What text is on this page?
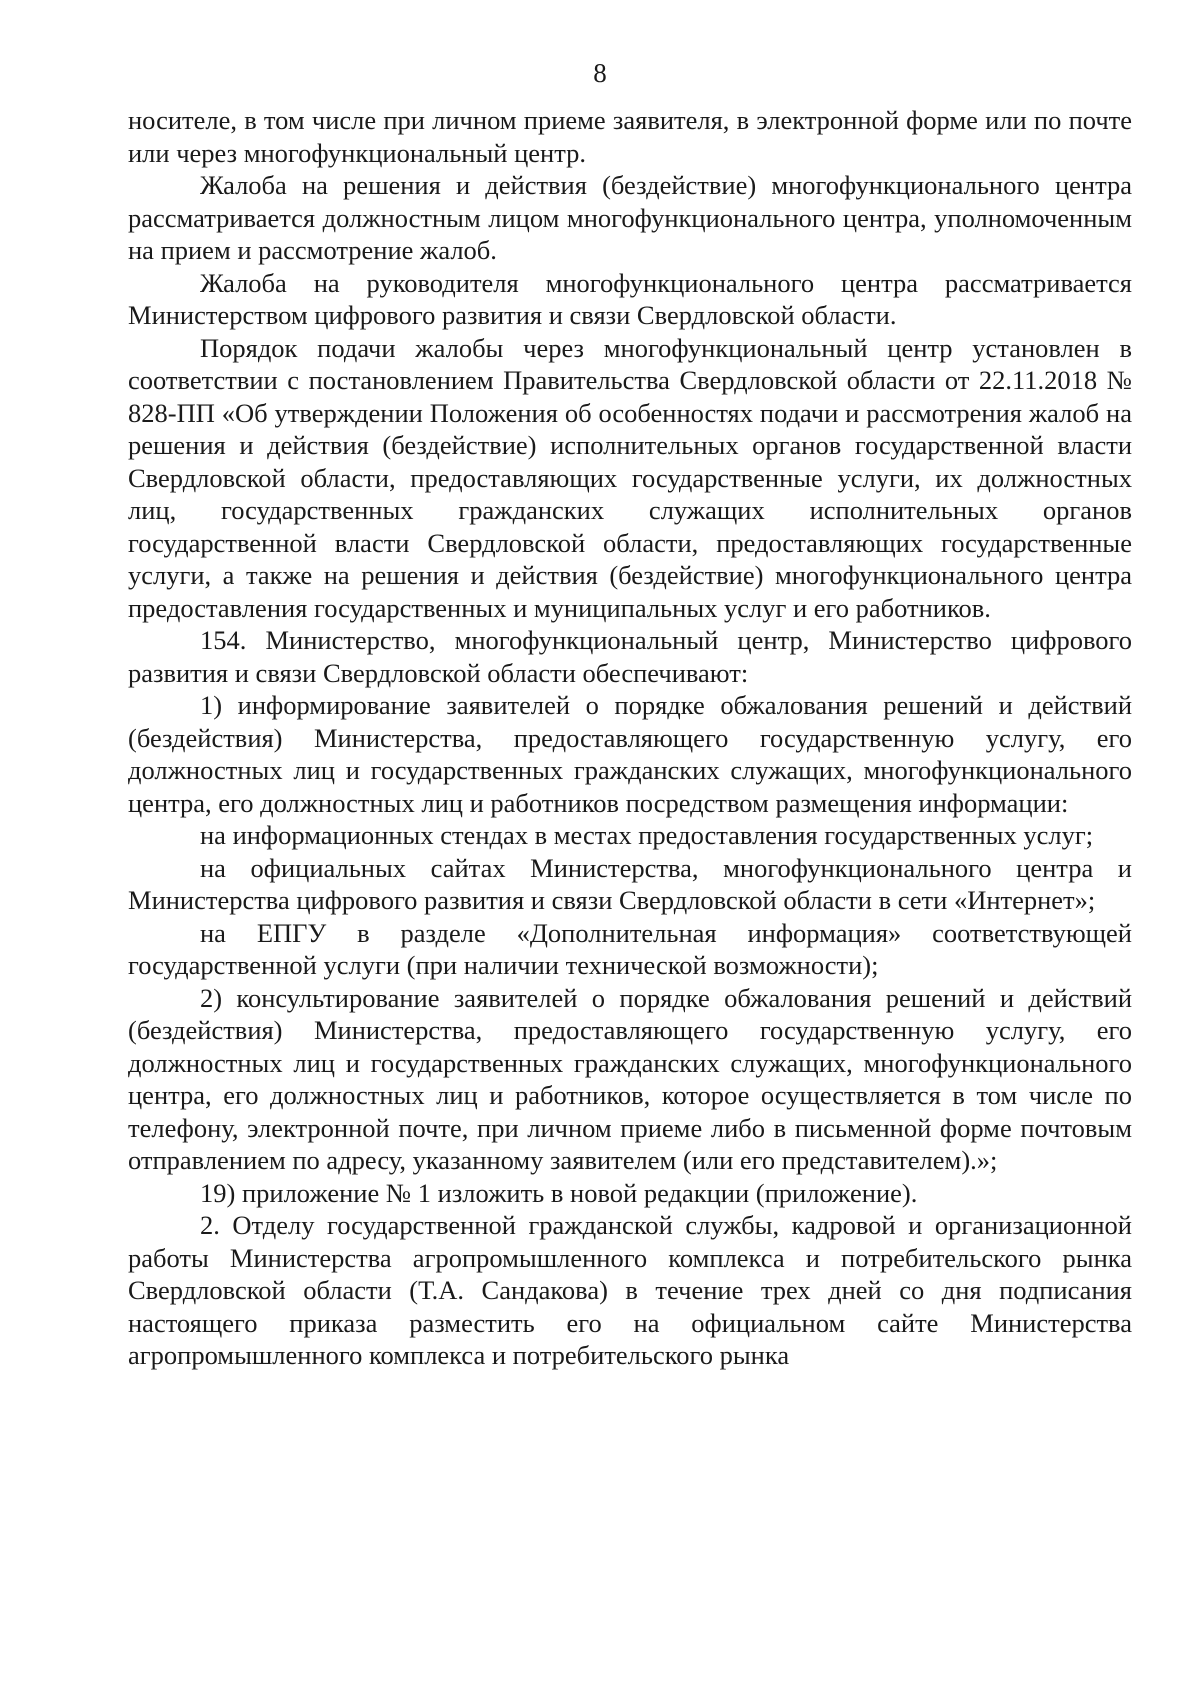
8

носителе, в том числе при личном приеме заявителя, в электронной форме или по почте или через многофункциональный центр.

Жалоба на решения и действия (бездействие) многофункционального центра рассматривается должностным лицом многофункционального центра, уполномоченным на прием и рассмотрение жалоб.

Жалоба на руководителя многофункционального центра рассматривается Министерством цифрового развития и связи Свердловской области.

Порядок подачи жалобы через многофункциональный центр установлен в соответствии с постановлением Правительства Свердловской области от 22.11.2018 № 828-ПП «Об утверждении Положения об особенностях подачи и рассмотрения жалоб на решения и действия (бездействие) исполнительных органов государственной власти Свердловской области, предоставляющих государственные услуги, их должностных лиц, государственных гражданских служащих исполнительных органов государственной власти Свердловской области, предоставляющих государственные услуги, а также на решения и действия (бездействие) многофункционального центра предоставления государственных и муниципальных услуг и его работников.

154. Министерство, многофункциональный центр, Министерство цифрового развития и связи Свердловской области обеспечивают:

1) информирование заявителей о порядке обжалования решений и действий (бездействия) Министерства, предоставляющего государственную услугу, его должностных лиц и государственных гражданских служащих, многофункционального центра, его должностных лиц и работников посредством размещения информации:

на информационных стендах в местах предоставления государственных услуг;

на официальных сайтах Министерства, многофункционального центра и Министерства цифрового развития и связи Свердловской области в сети «Интернет»;

на ЕПГУ в разделе «Дополнительная информация» соответствующей государственной услуги (при наличии технической возможности);

2) консультирование заявителей о порядке обжалования решений и действий (бездействия) Министерства, предоставляющего государственную услугу, его должностных лиц и государственных гражданских служащих, многофункционального центра, его должностных лиц и работников, которое осуществляется в том числе по телефону, электронной почте, при личном приеме либо в письменной форме почтовым отправлением по адресу, указанному заявителем (или его представителем).»;

19) приложение № 1 изложить в новой редакции (приложение).

2. Отделу государственной гражданской службы, кадровой и организационной работы Министерства агропромышленного комплекса и потребительского рынка Свердловской области (Т.А. Сандакова) в течение трех дней со дня подписания настоящего приказа разместить его на официальном сайте Министерства агропромышленного комплекса и потребительского рынка
